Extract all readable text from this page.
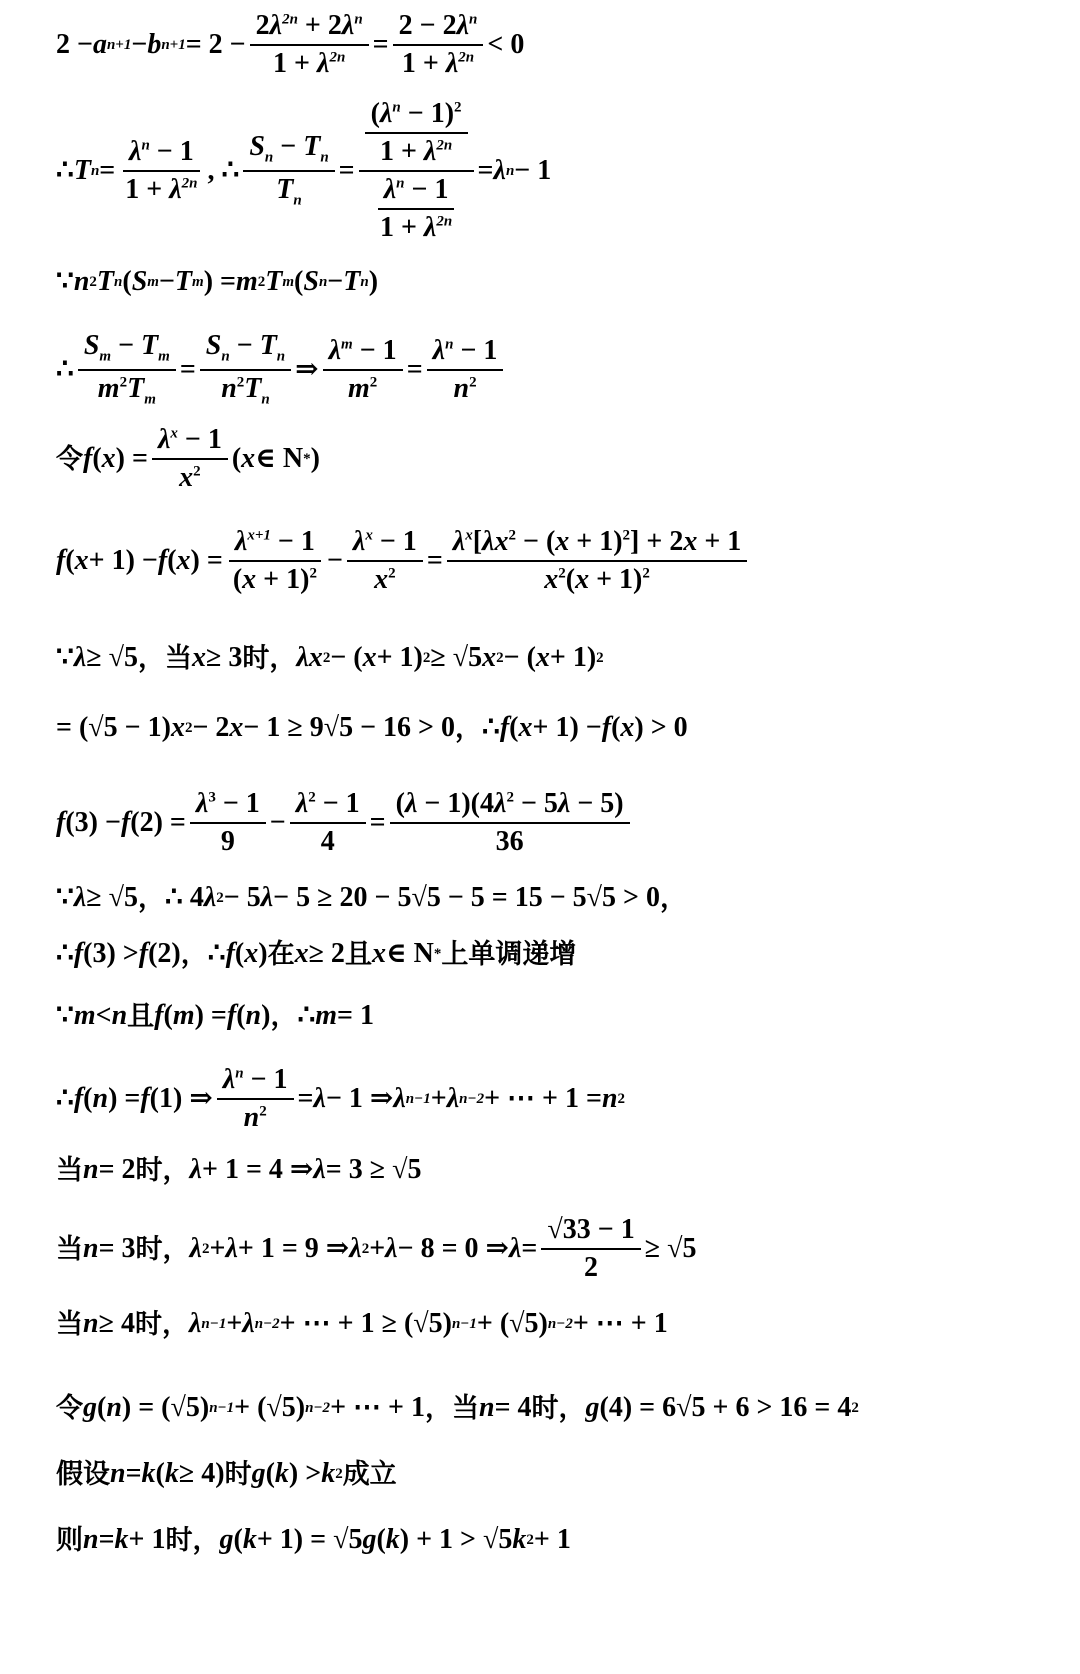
2 − a n+1 − b $n+1 = 2 - \frac{2\lambda^{2n} + 2\lambda^n}{1 + \lambda^{2n}} = \frac{2 - 2\lambda^n}{1 + \lambda^{2n}} < 0$
∴ T $n = \frac{\lambda^n - 1}{1 + \lambda^{2n}}$ , ∴ $\frac{S_n - T_n}{T_n} = \frac{\frac{(\lambda^n - 1)^2}{1 + \lambda^{2n}}}{\frac{\lambda^n - 1}{1 + \lambda^{2n}}} = \lambda$ n − 1
∵ n 2 T n ( S m − T m ) = m 2 T m ( S n − T n )
∴ $\frac{S_m - T_m}{m^2T_m} = \frac{S_n - T_n}{n^2T_n}$ ⇒ $\frac{\lambda^m - 1}{m^2} = \frac{\lambda^n - 1}{n^2}$
令 f ( x ) = $\frac{\lambda^x - 1}{x^2}$ ( x ∈ N * )
f ( x + 1) − f ( x ) = $\frac{\lambda^{x+1} - 1}{(x + 1)^2} - \frac{\lambda^x - 1}{x^2} = \frac{\lambda^x[\lambda x^2 - (x + 1)^2] + 2x + 1}{x^2(x + 1)^2}$
∵ λ ≥ √5 ，当 x ≥ 3 时， λx 2 − ( x + 1) 2 ≥ √5 x 2 − ( x + 1) 2
= (√5 − 1) x 2 − 2 x − 1 ≥ 9√5 − 16 > 0 ， ∴ f ( x + 1) − f ( x ) > 0
f (3) − f $(2) = \frac{\lambda^3 - 1}{9} - \frac{\lambda^2 - 1}{4} = \frac{(\lambda - 1)(4\lambda^2 - 5\lambda - 5)}{36}$
∵ λ ≥ √5 ， ∴ 4 λ 2 − 5 λ − 5 ≥ 20 − 5√5 − 5 = 15 − 5√5 > 0 ，
∴ f (3) > f (2) ， ∴ f ( x ) 在 x ≥ 2 且 x ∈ N * 上单调递增
∵ m < n 且 f ( m ) = f ( n ) ， ∴ m = 1
∴ f ( n ) = f (1) ⇒ $\frac{\lambda^n - 1}{n^2} = \lambda - 1$ ⇒ λ n−1 + λ n−2 + ⋯ + 1 = n 2
当 n = 2 时， λ + 1 = 4 ⇒ λ = 3 ≥ √5
当 n = 3 时， λ 2 + λ + 1 = 9 ⇒ λ 2 + λ − 8 = 0 ⇒ $\lambda = \frac{√33 - 1}{2} \ge √5$
当 n ≥ 4 时， λ n−1 + λ n−2 + ⋯ + 1 ≥ (√5) n−1 + (√5) n−2 + ⋯ + 1
令 g ( n ) = (√5) n−1 + (√5) n−2 + ⋯ + 1 ，当 n = 4 时， g (4) = 6√5 + 6 > 16 = 4 2
假设 n = k ( k ≥ 4) 时 g ( k ) > k 2 成立
则 n = k + 1 时， g ( k + 1) = √5 g ( k ) + 1 > √5 k 2 + 1
